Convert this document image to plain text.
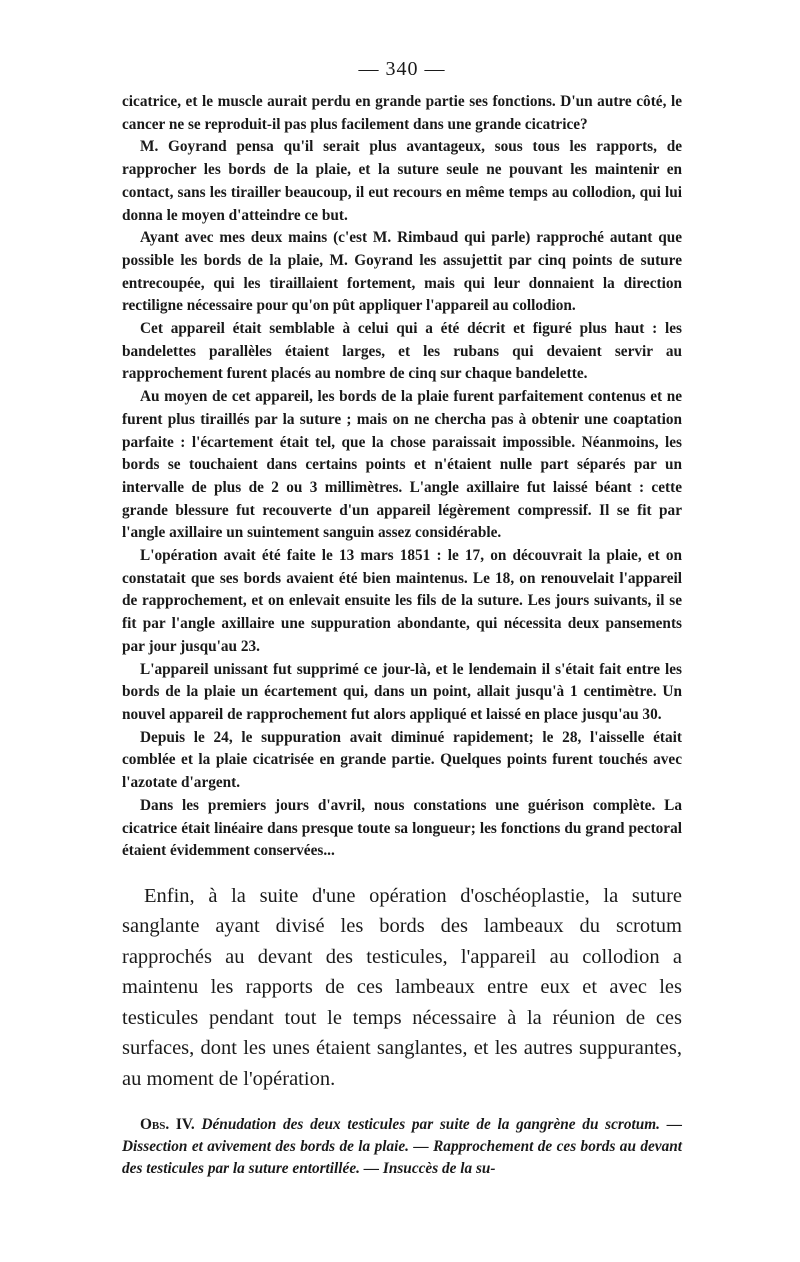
— 340 —

cicatrice, et le muscle aurait perdu en grande partie ses fonctions. D'un autre côté, le cancer ne se reproduit-il pas plus facilement dans une grande cicatrice?

M. Goyrand pensa qu'il serait plus avantageux, sous tous les rapports, de rapprocher les bords de la plaie, et la suture seule ne pouvant les maintenir en contact, sans les tirailler beaucoup, il eut recours en même temps au collodion, qui lui donna le moyen d'atteindre ce but.

Ayant avec mes deux mains (c'est M. Rimbaud qui parle) rapproché autant que possible les bords de la plaie, M. Goyrand les assujettit par cinq points de suture entrecoupée, qui les tiraillaient fortement, mais qui leur donnaient la direction rectiligne nécessaire pour qu'on pût appliquer l'appareil au collodion.

Cet appareil était semblable à celui qui a été décrit et figuré plus haut : les bandelettes parallèles étaient larges, et les rubans qui devaient servir au rapprochement furent placés au nombre de cinq sur chaque bandelette.

Au moyen de cet appareil, les bords de la plaie furent parfaitement contenus et ne furent plus tiraillés par la suture ; mais on ne chercha pas à obtenir une coaptation parfaite : l'écartement était tel, que la chose paraissait impossible. Néanmoins, les bords se touchaient dans certains points et n'étaient nulle part séparés par un intervalle de plus de 2 ou 3 millimètres. L'angle axillaire fut laissé béant : cette grande blessure fut recouverte d'un appareil légèrement compressif. Il se fit par l'angle axillaire un suintement sanguin assez considérable.

L'opération avait été faite le 13 mars 1851 : le 17, on découvrait la plaie, et on constatait que ses bords avaient été bien maintenus. Le 18, on renouvelait l'appareil de rapprochement, et on enlevait ensuite les fils de la suture. Les jours suivants, il se fit par l'angle axillaire une suppuration abondante, qui nécessita deux pansements par jour jusqu'au 23.

L'appareil unissant fut supprimé ce jour-là, et le lendemain il s'était fait entre les bords de la plaie un écartement qui, dans un point, allait jusqu'à 1 centimètre. Un nouvel appareil de rapprochement fut alors appliqué et laissé en place jusqu'au 30.

Depuis le 24, le suppuration avait diminué rapidement; le 28, l'aisselle était comblée et la plaie cicatrisée en grande partie. Quelques points furent touchés avec l'azotate d'argent.

Dans les premiers jours d'avril, nous constations une guérison complète. La cicatrice était linéaire dans presque toute sa longueur; les fonctions du grand pectoral étaient évidemment conservées...

Enfin, à la suite d'une opération d'oschéoplastie, la suture sanglante ayant divisé les bords des lambeaux du scrotum rapprochés au devant des testicules, l'appareil au collodion a maintenu les rapports de ces lambeaux entre eux et avec les testicules pendant tout le temps nécessaire à la réunion de ces surfaces, dont les unes étaient sanglantes, et les autres suppurantes, au moment de l'opération.

Obs. IV. Dénudation des deux testicules par suite de la gangrène du scrotum. — Dissection et avivement des bords de la plaie. — Rapprochement de ces bords au devant des testicules par la suture entortillée. — Insuccès de la su-
